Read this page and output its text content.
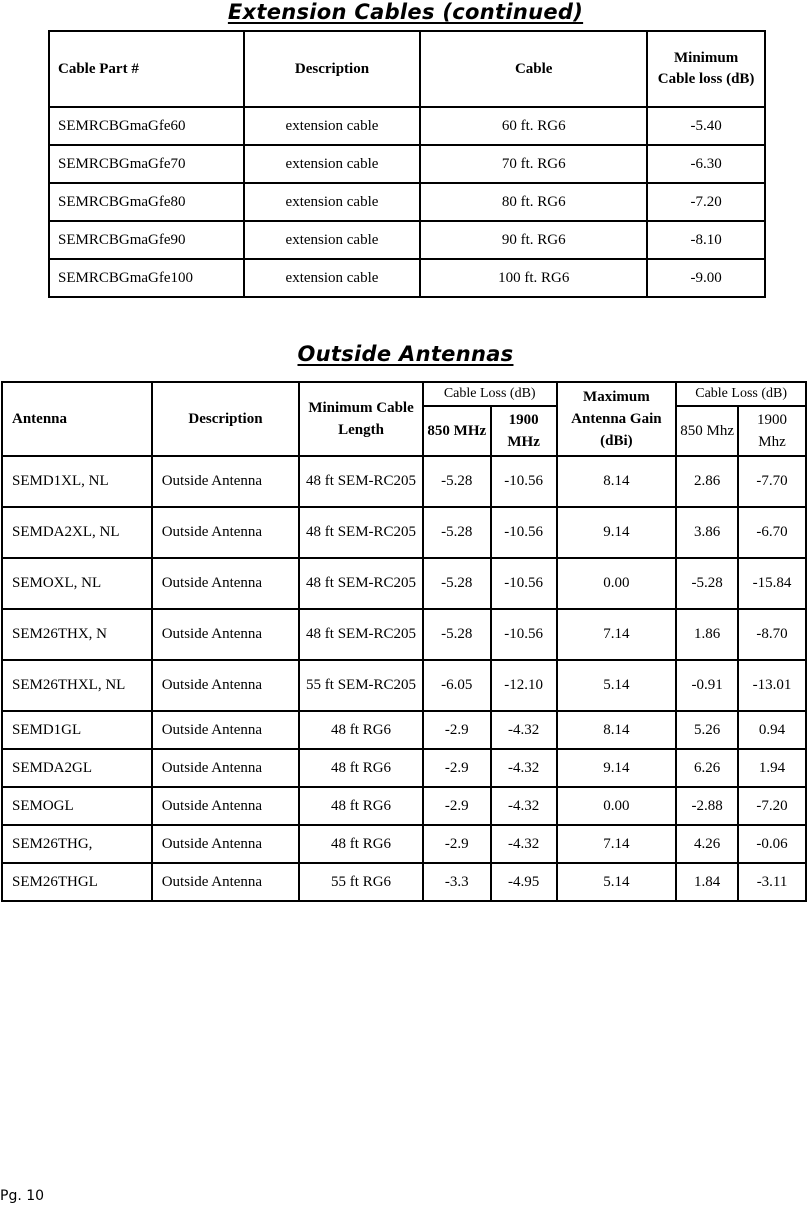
Extension Cables (continued)
Cable Part #	Description	Cable	Minimum Cable loss (dB)
SEMRCBGmaGfe60	extension cable	60 ft. RG6	-5.40
SEMRCBGmaGfe70	extension cable	70 ft. RG6	-6.30
SEMRCBGmaGfe80	extension cable	80 ft. RG6	-7.20
SEMRCBGmaGfe90	extension cable	90 ft. RG6	-8.10
SEMRCBGmaGfe100	extension cable	100 ft. RG6	-9.00
Outside Antennas
Antenna	Description	Minimum Cable Length	Cable Loss (dB)		Maximum Antenna Gain (dBi)	Cable Loss (dB)	
			850 MHz	1900 MHz		850 Mhz	1900 Mhz
SEMD1XL, NL	Outside Antenna	48 ft SEM-RC205	-5.28	-10.56	8.14	2.86	-7.70
SEMDA2XL, NL	Outside Antenna	48 ft SEM-RC205	-5.28	-10.56	9.14	3.86	-6.70
SEMOXL, NL	Outside Antenna	48 ft SEM-RC205	-5.28	-10.56	0.00	-5.28	-15.84
SEM26THX, N	Outside Antenna	48 ft SEM-RC205	-5.28	-10.56	7.14	1.86	-8.70
SEM26THXL, NL	Outside Antenna	55 ft SEM-RC205	-6.05	-12.10	5.14	-0.91	-13.01
SEMD1GL	Outside Antenna	48 ft RG6	-2.9	-4.32	8.14	5.26	0.94
SEMDA2GL	Outside Antenna	48 ft RG6	-2.9	-4.32	9.14	6.26	1.94
SEMOGL	Outside Antenna	48 ft RG6	-2.9	-4.32	0.00	-2.88	-7.20
SEM26THG,	Outside Antenna	48 ft RG6	-2.9	-4.32	7.14	4.26	-0.06
SEM26THGL	Outside Antenna	55 ft RG6	-3.3	-4.95	5.14	1.84	-3.11
Pg. 10
